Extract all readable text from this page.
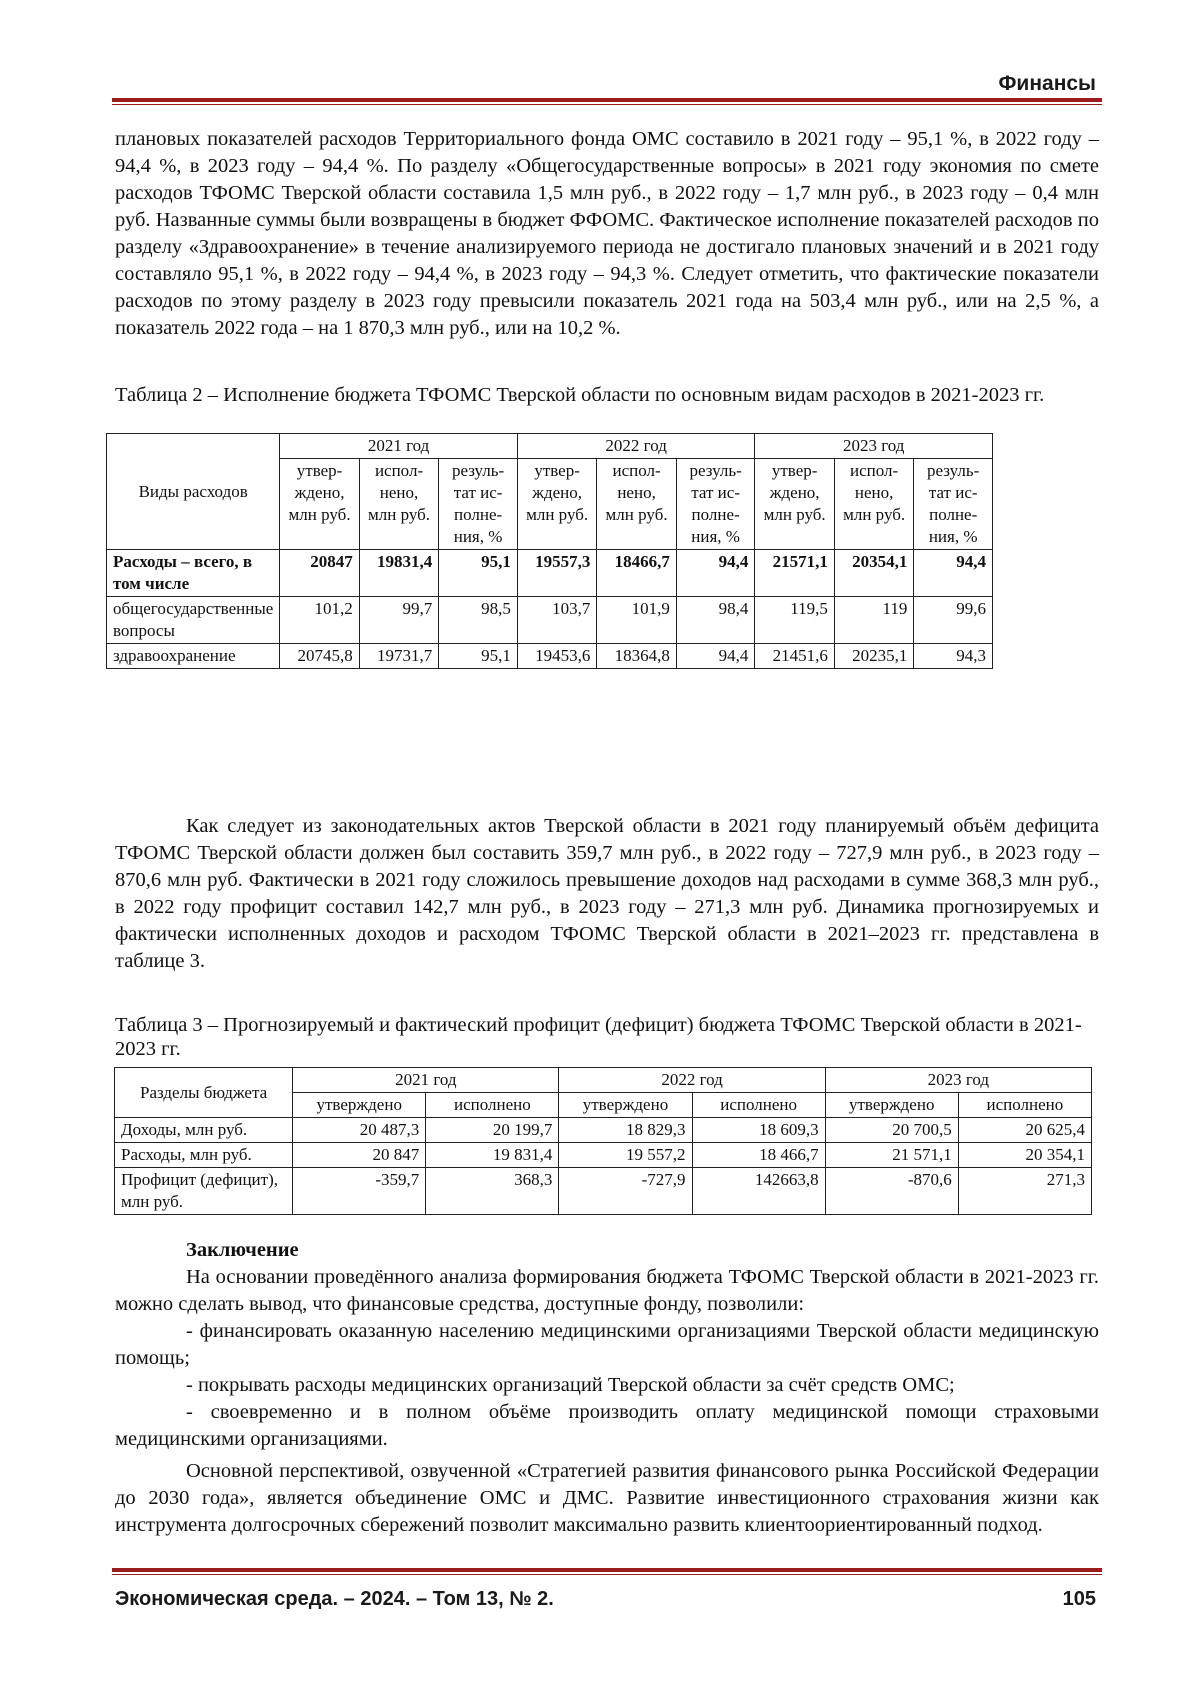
Финансы

плановых показателей расходов Территориального фонда ОМС составило в 2021 году – 95,1 %, в 2022 году – 94,4 %, в 2023 году – 94,4 %. По разделу «Общегосударственные вопросы» в 2021 году экономия по смете расходов ТФОМС Тверской области составила 1,5 млн руб., в 2022 году – 1,7 млн руб., в 2023 году – 0,4 млн руб. Названные суммы были возвращены в бюджет ФФОМС. Фактическое исполнение показателей расходов по разделу «Здравоохранение» в течение анализируемого периода не достигало плановых значений и в 2021 году составляло 95,1 %, в 2022 году – 94,4 %, в 2023 году – 94,3 %. Следует отметить, что фактические показатели расходов по этому разделу в 2023 году превысили показатель 2021 года на 503,4 млн руб., или на 2,5 %, а показатель 2022 года – на 1 870,3 млн руб., или на 10,2 %.

Таблица 2 – Исполнение бюджета ТФОМС Тверской области по основным видам расходов в 2021-2023 гг.

Виды расходов	2021 год			2022 год			2023 год		
	утвер-ждено, млн руб.	испол-нено, млн руб.	резуль-тат ис-полне-ния, %	утвер-ждено, млн руб.	испол-нено, млн руб.	резуль-тат ис-полне-ния, %	утвер-ждено, млн руб.	испол-нено, млн руб.	резуль-тат ис-полне-ния, %
Расходы – всего, в том числе	20847	19831,4	95,1	19557,3	18466,7	94,4	21571,1	20354,1	94,4
общегосударственные вопросы	101,2	99,7	98,5	103,7	101,9	98,4	119,5	119	99,6
здравоохранение	20745,8	19731,7	95,1	19453,6	18364,8	94,4	21451,6	20235,1	94,3

Как следует из законодательных актов Тверской области в 2021 году планируемый объём дефицита ТФОМС Тверской области должен был составить 359,7 млн руб., в 2022 году – 727,9 млн руб., в 2023 году – 870,6 млн руб. Фактически в 2021 году сложилось превышение доходов над расходами в сумме 368,3 млн руб., в 2022 году профицит составил 142,7 млн руб., в 2023 году – 271,3 млн руб. Динамика прогнозируемых и фактически исполненных доходов и расходом ТФОМС Тверской области в 2021–2023 гг. представлена в таблице 3.

Таблица 3 – Прогнозируемый и фактический профицит (дефицит) бюджета ТФОМС Тверской области в 2021-2023 гг.

Разделы бюджета	2021 год		2022 год		2023 год	
	утверждено	исполнено	утверждено	исполнено	утверждено	исполнено
Доходы, млн руб.	20 487,3	20 199,7	18 829,3	18 609,3	20 700,5	20 625,4
Расходы, млн руб.	20 847	19 831,4	19 557,2	18 466,7	21 571,1	20 354,1
Профицит (дефицит), млн руб.	-359,7	368,3	-727,9	142663,8	-870,6	271,3

Заключение

На основании проведённого анализа формирования бюджета ТФОМС Тверской области в 2021-2023 гг. можно сделать вывод, что финансовые средства, доступные фонду, позволили:

- финансировать оказанную населению медицинскими организациями Тверской области медицинскую помощь;

- покрывать расходы медицинских организаций Тверской области за счёт средств ОМС;

- своевременно и в полном объёме производить оплату медицинской помощи страховыми медицинскими организациями.

Основной перспективой, озвученной «Стратегией развития финансового рынка Российской Федерации до 2030 года», является объединение ОМС и ДМС. Развитие инвестиционного страхования жизни как инструмента долгосрочных сбережений позволит максимально развить клиентоориентированный подход.

Экономическая среда. – 2024. – Том 13, № 2.	105
